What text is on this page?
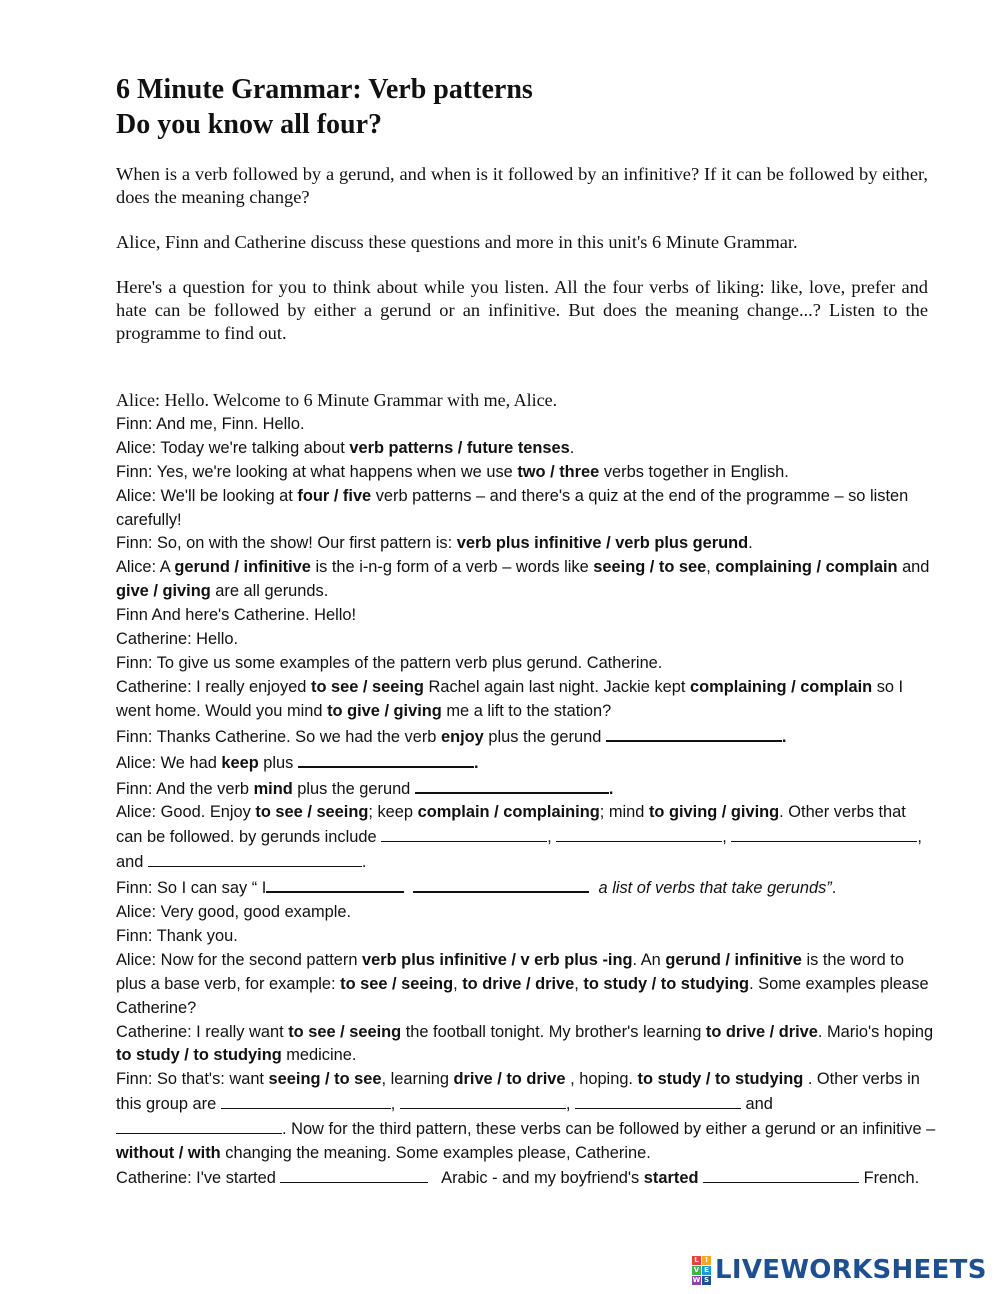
6 Minute Grammar: Verb patterns
Do you know all four?

When is a verb followed by a gerund, and when is it followed by an infinitive? If it can be followed by either, does the meaning change?

Alice, Finn and Catherine discuss these questions and more in this unit's 6 Minute Grammar.

Here's a question for you to think about while you listen. All the four verbs of liking: like, love, prefer and hate can be followed by either a gerund or an infinitive. But does the meaning change...? Listen to the programme to find out.

Alice: Hello. Welcome to 6 Minute Grammar with me, Alice.
Finn: And me, Finn. Hello.
Alice: Today we're talking about verb patterns / future tenses.
Finn: Yes, we're looking at what happens when we use two / three verbs together in English.
Alice: We'll be looking at four / five verb patterns – and there's a quiz at the end of the programme – so listen carefully!
Finn: So, on with the show! Our first pattern is: verb plus infinitive / verb plus gerund.
Alice: A gerund / infinitive is the i-n-g form of a verb – words like seeing / to see, complaining / complain and give / giving are all gerunds.
Finn And here's Catherine. Hello!
Catherine: Hello.
Finn: To give us some examples of the pattern verb plus gerund. Catherine.
Catherine: I really enjoyed to see / seeing Rachel again last night. Jackie kept complaining / complain so I went home. Would you mind to give / giving me a lift to the station?
Finn: Thanks Catherine. So we had the verb enjoy plus the gerund	.
Alice: We had keep plus	.
Finn: And the verb mind plus the gerund	.
Alice: Good. Enjoy to see / seeing; keep complain / complaining; mind to giving / giving. Other verbs that can be followed. by gerunds include	,	,	, and	.
Finn: So I can say “ I	a list of verbs that take gerunds”.
Alice: Very good, good example.
Finn: Thank you.
Alice: Now for the second pattern verb plus infinitive / v erb plus -ing. An gerund / infinitive is the word to plus a base verb, for example: to see / seeing, to drive / drive, to study / to studying. Some examples please Catherine?
Catherine: I really want to see / seeing the football tonight. My brother's learning to drive / drive. Mario's hoping to study / to studying medicine.
Finn: So that's: want seeing / to see, learning drive / to drive , hoping. to study / to studying . Other verbs in this group are	,	,	and . Now for the third pattern, these verbs can be followed by either a gerund or an infinitive – without / with changing the meaning. Some examples please, Catherine.
Catherine: I've started	Arabic - and my boyfriend's started	French.
L I
V E
W S LIVEWORKSHEETS
